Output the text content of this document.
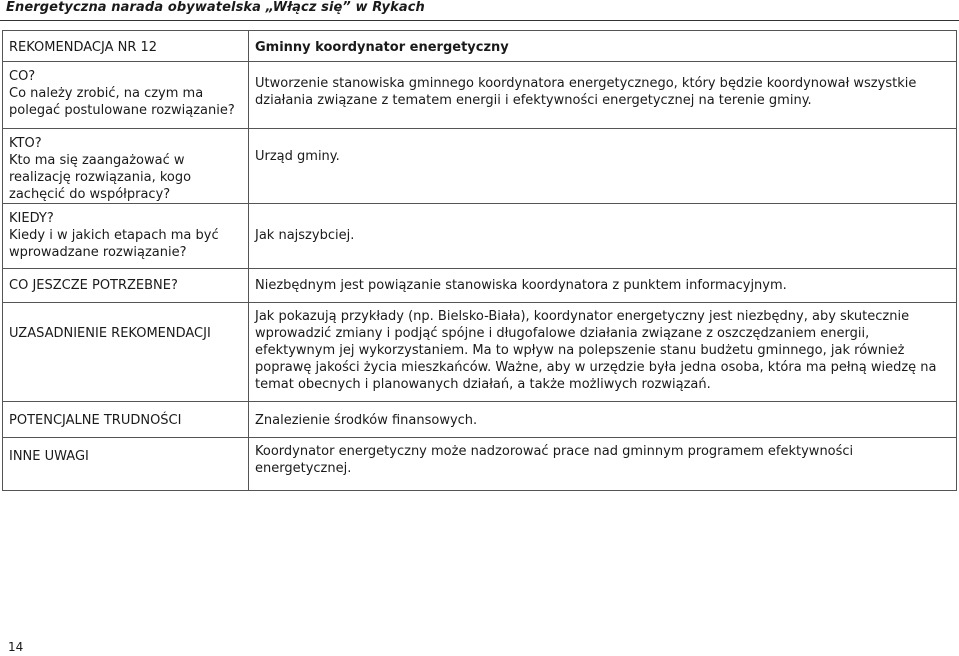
Energetyczna narada obywatelska „Włącz się” w Rykach
REKOMENDACJA NR 12	Gminny koordynator energetyczny

CO?
Co należy zrobić, na czym ma polegać postulowane rozwiązanie?	Utworzenie stanowiska gminnego koordynatora energetycznego, który będzie koordynował wszystkie działania związane z tematem energii i efektywności energetycznej na terenie gminy.

KTO?
Kto ma się zaangażować w realizację rozwiązania, kogo zachęcić do współpracy?	Urząd gminy.

KIEDY?
Kiedy i w jakich etapach ma być wprowadzane rozwiązanie?	Jak najszybciej.

CO JESZCZE POTRZEBNE?	Niezbędnym jest powiązanie stanowiska koordynatora z punktem informacyjnym.

UZASADNIENIE REKOMENDACJI	Jak pokazują przykłady (np. Bielsko-Biała), koordynator energetyczny jest niezbędny, aby skutecznie wprowadzić zmiany i podjąć spójne i długofalowe działania związane z oszczędzaniem energii, efektywnym jej wykorzystaniem. Ma to wpływ na polepszenie stanu budżetu gminnego, jak również poprawę jakości życia mieszkańców. Ważne, aby w urzędzie była jedna osoba, która ma pełną wiedzę na temat obecnych i planowanych działań, a także możliwych rozwiązań.

POTENCJALNE TRUDNOŚCI	Znalezienie środków finansowych.

INNE UWAGI	Koordynator energetyczny może nadzorować prace nad gminnym programem efektywności energetycznej.
14
